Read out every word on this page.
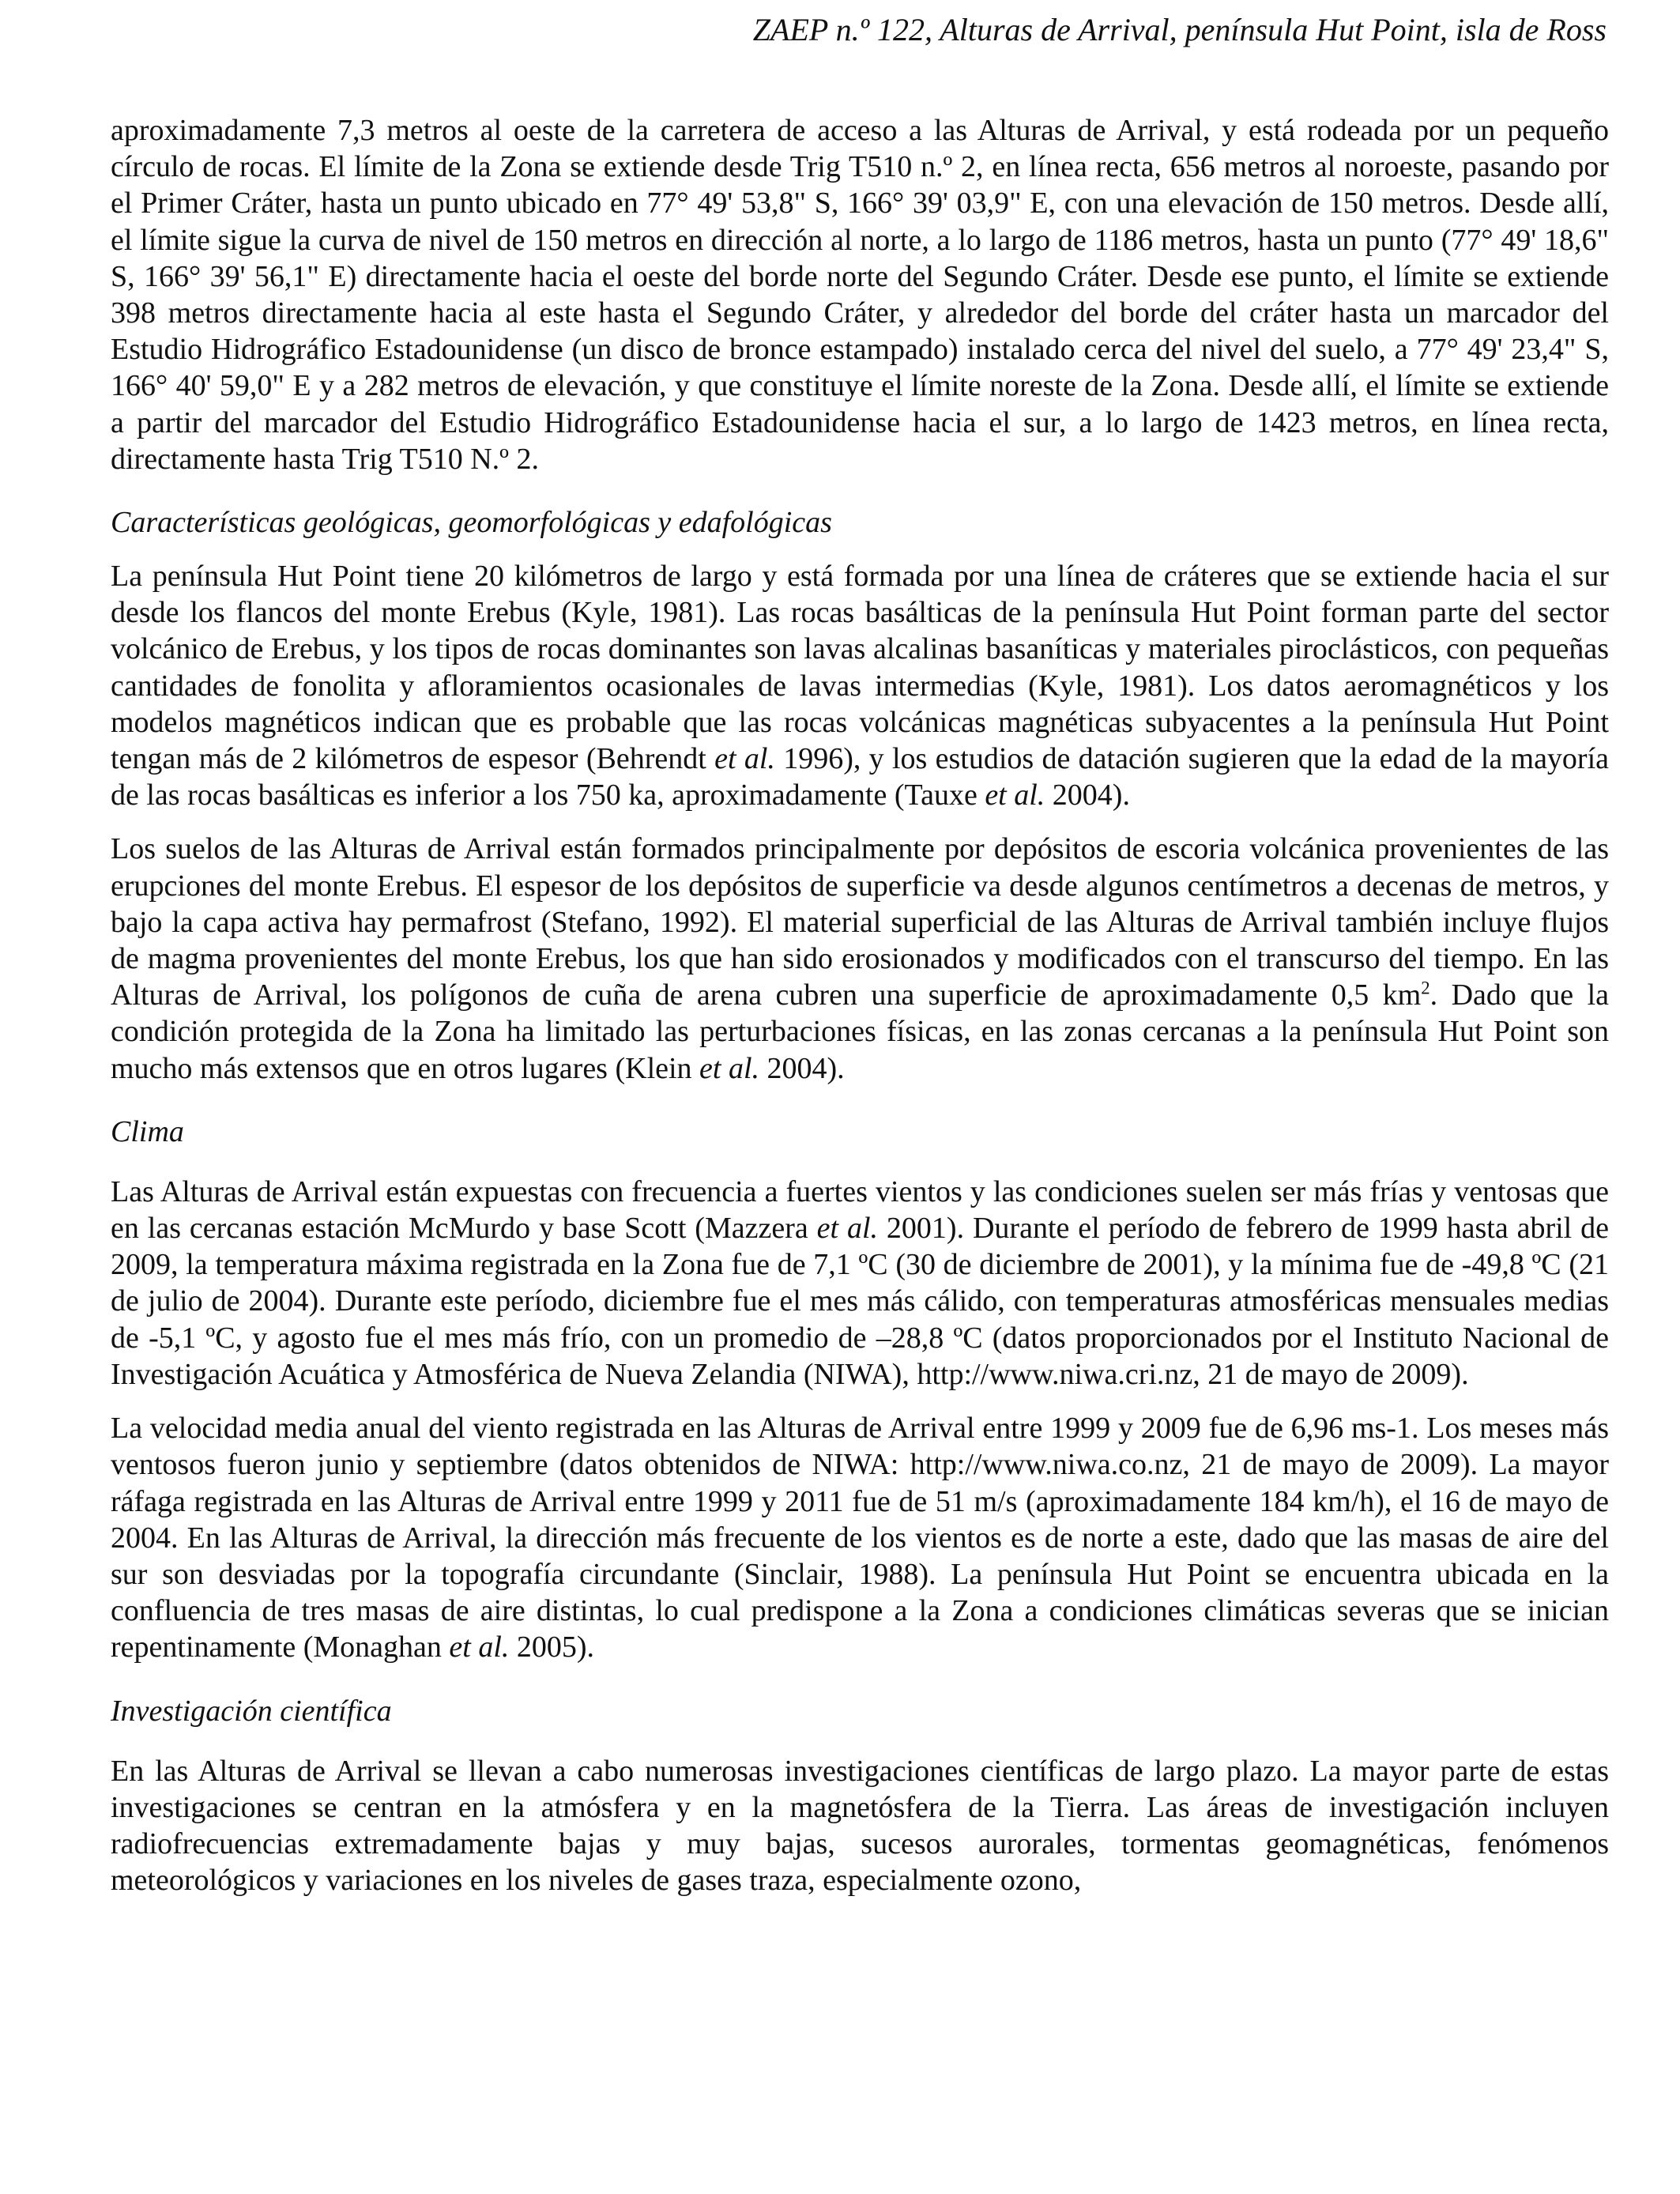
ZAEP n.º 122, Alturas de Arrival, península Hut Point, isla de Ross

aproximadamente 7,3 metros al oeste de la carretera de acceso a las Alturas de Arrival, y está rodeada por un pequeño círculo de rocas. El límite de la Zona se extiende desde Trig T510 n.º 2, en línea recta, 656 metros al noroeste, pasando por el Primer Cráter, hasta un punto ubicado en 77° 49' 53,8" S, 166° 39' 03,9" E, con una elevación de 150 metros. Desde allí, el límite sigue la curva de nivel de 150 metros en dirección al norte, a lo largo de 1186 metros, hasta un punto (77° 49' 18,6" S, 166° 39' 56,1" E) directamente hacia el oeste del borde norte del Segundo Cráter. Desde ese punto, el límite se extiende 398 metros directamente hacia al este hasta el Segundo Cráter, y alrededor del borde del cráter hasta un marcador del Estudio Hidrográfico Estadounidense (un disco de bronce estampado) instalado cerca del nivel del suelo, a 77° 49' 23,4" S, 166° 40' 59,0" E y a 282 metros de elevación, y que constituye el límite noreste de la Zona. Desde allí, el límite se extiende a partir del marcador del Estudio Hidrográfico Estadounidense hacia el sur, a lo largo de 1423 metros, en línea recta, directamente hasta Trig T510 N.º 2.

Características geológicas, geomorfológicas y edafológicas

La península Hut Point tiene 20 kilómetros de largo y está formada por una línea de cráteres que se extiende hacia el sur desde los flancos del monte Erebus (Kyle, 1981). Las rocas basálticas de la península Hut Point forman parte del sector volcánico de Erebus, y los tipos de rocas dominantes son lavas alcalinas basaníticas y materiales piroclásticos, con pequeñas cantidades de fonolita y afloramientos ocasionales de lavas intermedias (Kyle, 1981). Los datos aeromagnéticos y los modelos magnéticos indican que es probable que las rocas volcánicas magnéticas subyacentes a la península Hut Point tengan más de 2 kilómetros de espesor (Behrendt et al. 1996), y los estudios de datación sugieren que la edad de la mayoría de las rocas basálticas es inferior a los 750 ka, aproximadamente (Tauxe et al. 2004).

Los suelos de las Alturas de Arrival están formados principalmente por depósitos de escoria volcánica provenientes de las erupciones del monte Erebus. El espesor de los depósitos de superficie va desde algunos centímetros a decenas de metros, y bajo la capa activa hay permafrost (Stefano, 1992). El material superficial de las Alturas de Arrival también incluye flujos de magma provenientes del monte Erebus, los que han sido erosionados y modificados con el transcurso del tiempo. En las Alturas de Arrival, los polígonos de cuña de arena cubren una superficie de aproximadamente 0,5 $km^2$. Dado que la condición protegida de la Zona ha limitado las perturbaciones físicas, en las zonas cercanas a la península Hut Point son mucho más extensos que en otros lugares (Klein et al. 2004).

Clima

Las Alturas de Arrival están expuestas con frecuencia a fuertes vientos y las condiciones suelen ser más frías y ventosas que en las cercanas estación McMurdo y base Scott (Mazzera et al. 2001). Durante el período de febrero de 1999 hasta abril de 2009, la temperatura máxima registrada en la Zona fue de 7,1 ºC (30 de diciembre de 2001), y la mínima fue de -49,8 ºC (21 de julio de 2004). Durante este período, diciembre fue el mes más cálido, con temperaturas atmosféricas mensuales medias de -5,1 ºC, y agosto fue el mes más frío, con un promedio de –28,8 ºC (datos proporcionados por el Instituto Nacional de Investigación Acuática y Atmosférica de Nueva Zelandia (NIWA), http://www.niwa.cri.nz, 21 de mayo de 2009).

La velocidad media anual del viento registrada en las Alturas de Arrival entre 1999 y 2009 fue de 6,96 ms-1. Los meses más ventosos fueron junio y septiembre (datos obtenidos de NIWA: http://www.niwa.co.nz, 21 de mayo de 2009). La mayor ráfaga registrada en las Alturas de Arrival entre 1999 y 2011 fue de 51 m/s (aproximadamente 184 km/h), el 16 de mayo de 2004. En las Alturas de Arrival, la dirección más frecuente de los vientos es de norte a este, dado que las masas de aire del sur son desviadas por la topografía circundante (Sinclair, 1988). La península Hut Point se encuentra ubicada en la confluencia de tres masas de aire distintas, lo cual predispone a la Zona a condiciones climáticas severas que se inician repentinamente (Monaghan et al. 2005).

Investigación científica

En las Alturas de Arrival se llevan a cabo numerosas investigaciones científicas de largo plazo. La mayor parte de estas investigaciones se centran en la atmósfera y en la magnetósfera de la Tierra. Las áreas de investigación incluyen radiofrecuencias extremadamente bajas y muy bajas, sucesos aurorales, tormentas geomagnéticas, fenómenos meteorológicos y variaciones en los niveles de gases traza, especialmente ozono,
